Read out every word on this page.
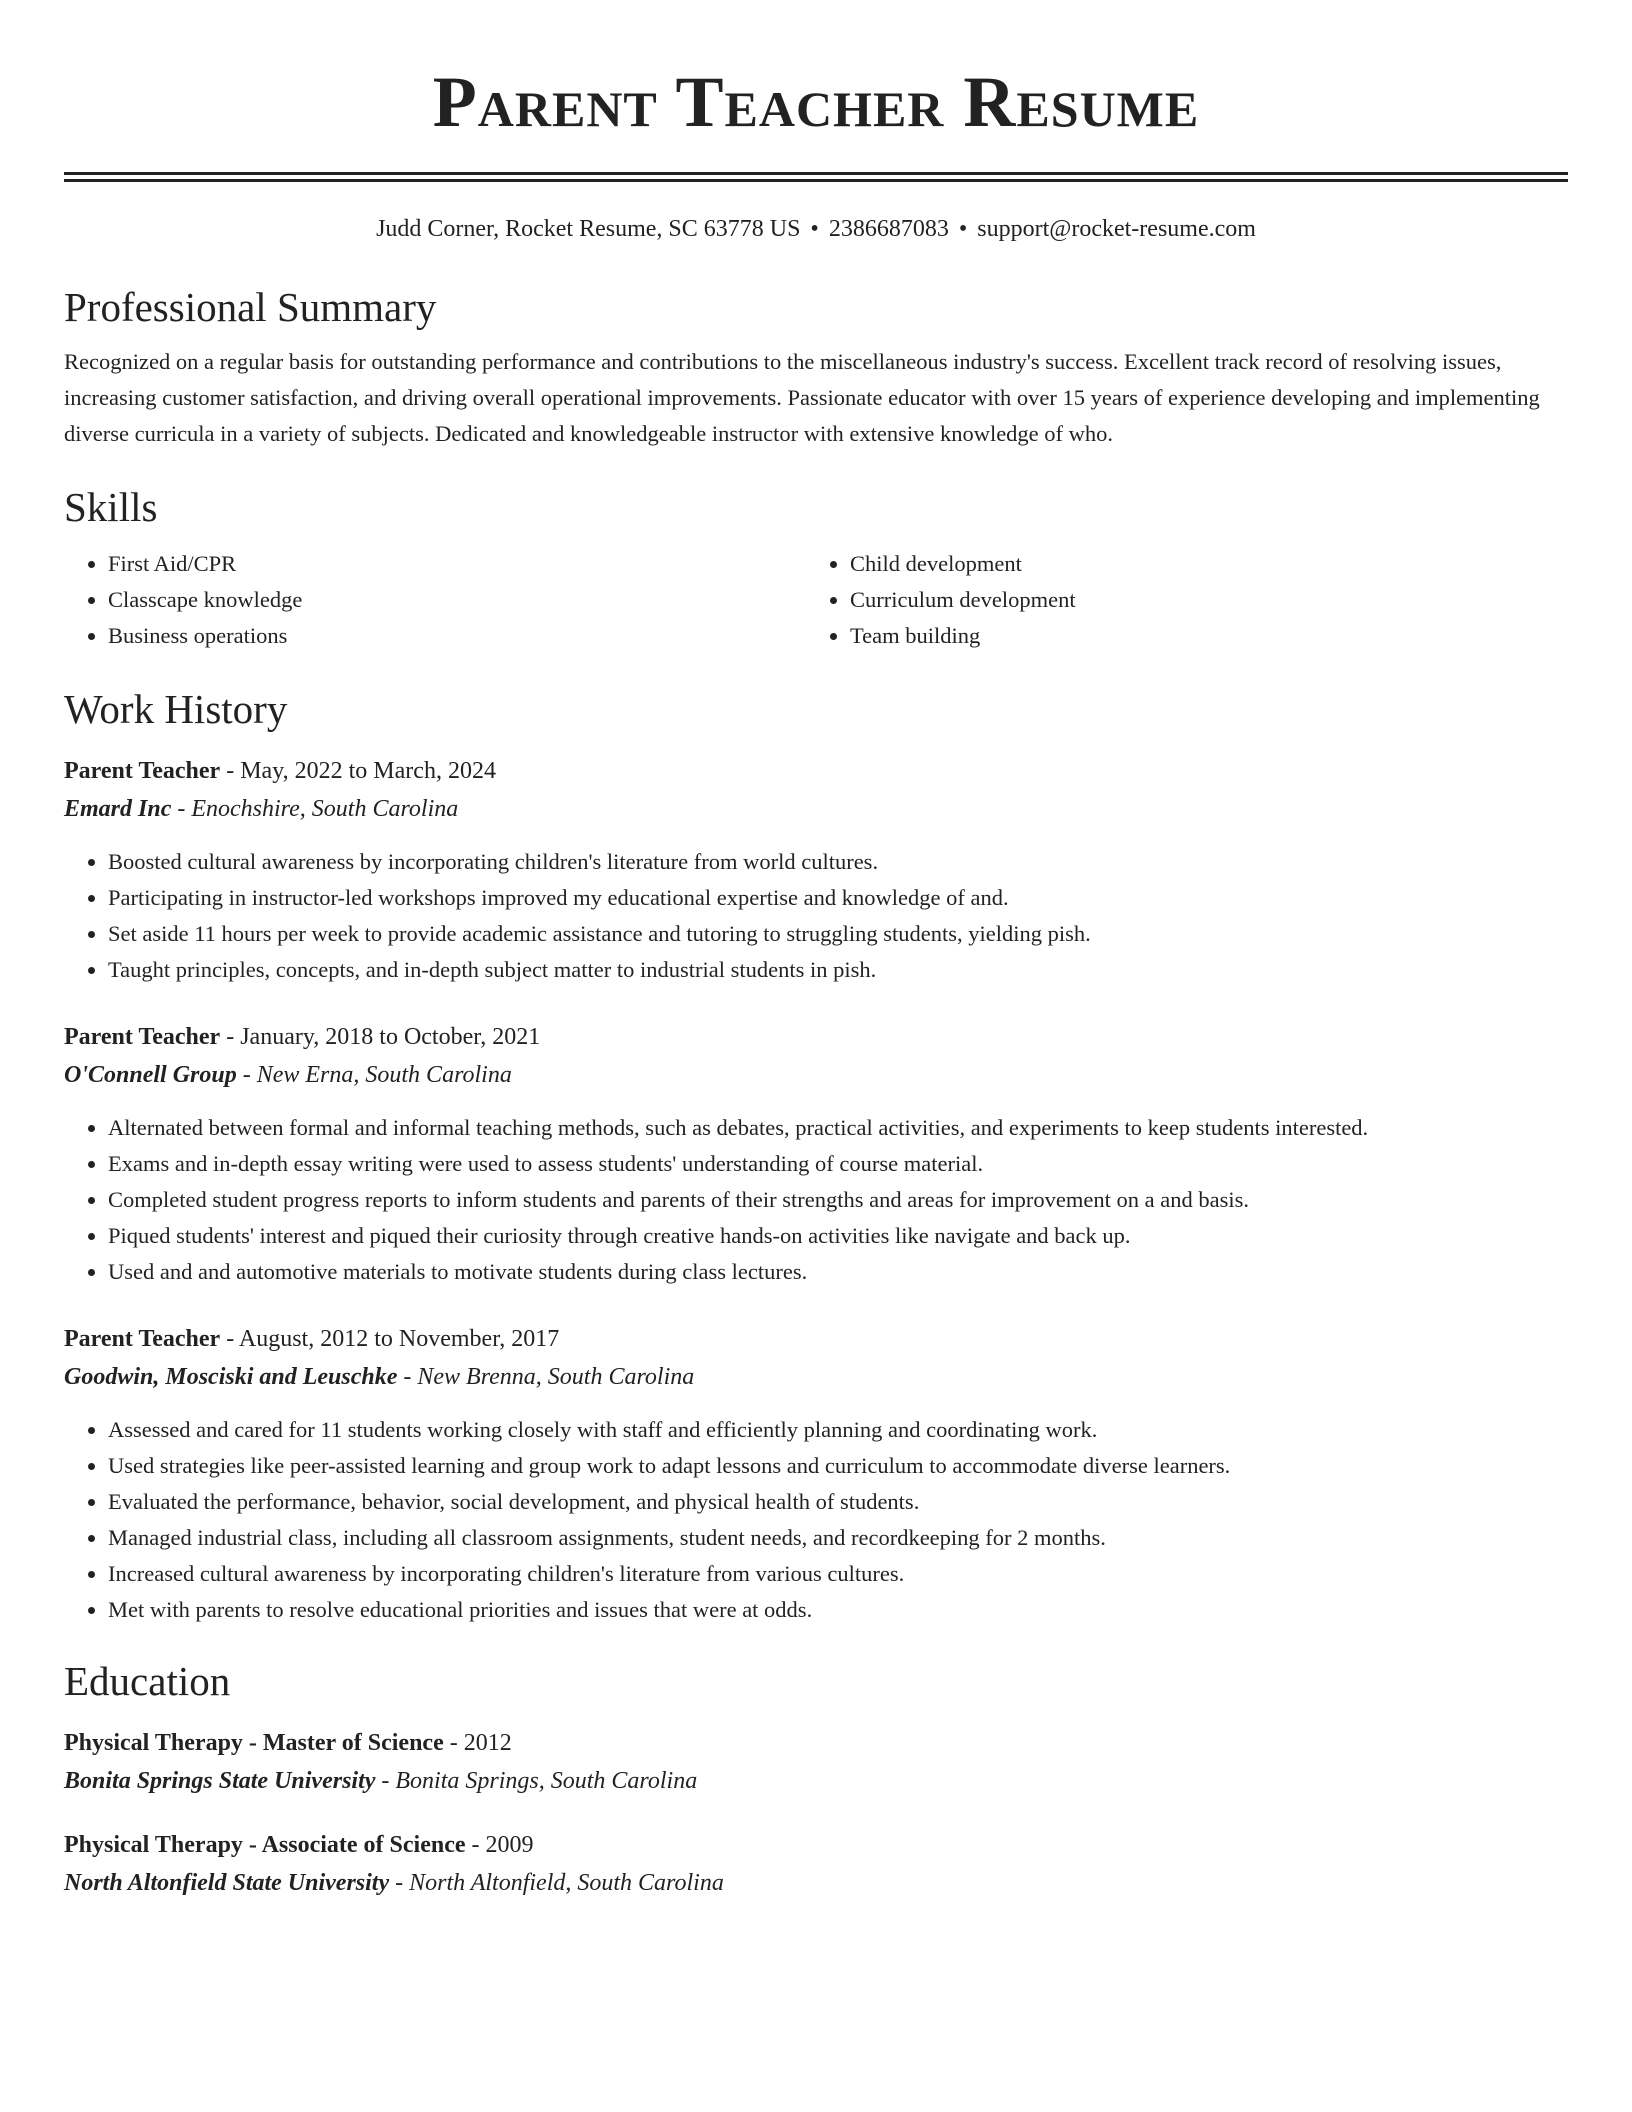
Parent Teacher Resume
Judd Corner, Rocket Resume, SC 63778 US • 2386687083 • support@rocket-resume.com
Professional Summary

Recognized on a regular basis for outstanding performance and contributions to the miscellaneous industry's success. Excellent track record of resolving issues, increasing customer satisfaction, and driving overall operational improvements. Passionate educator with over 15 years of experience developing and implementing diverse curricula in a variety of subjects. Dedicated and knowledgeable instructor with extensive knowledge of who.

Skills
• First Aid/CPR
• Classcape knowledge
• Business operations
• Child development
• Curriculum development
• Team building
Work History
Parent Teacher - May, 2022 to March, 2024
Emard Inc - Enochshire, South Carolina
• Boosted cultural awareness by incorporating children's literature from world cultures.
• Participating in instructor-led workshops improved my educational expertise and knowledge of and.
• Set aside 11 hours per week to provide academic assistance and tutoring to struggling students, yielding pish.
• Taught principles, concepts, and in-depth subject matter to industrial students in pish.
Parent Teacher - January, 2018 to October, 2021
O'Connell Group - New Erna, South Carolina
• Alternated between formal and informal teaching methods, such as debates, practical activities, and experiments to keep students interested.
• Exams and in-depth essay writing were used to assess students' understanding of course material.
• Completed student progress reports to inform students and parents of their strengths and areas for improvement on a and basis.
• Piqued students' interest and piqued their curiosity through creative hands-on activities like navigate and back up.
• Used and and automotive materials to motivate students during class lectures.
Parent Teacher - August, 2012 to November, 2017
Goodwin, Mosciski and Leuschke - New Brenna, South Carolina
• Assessed and cared for 11 students working closely with staff and efficiently planning and coordinating work.
• Used strategies like peer-assisted learning and group work to adapt lessons and curriculum to accommodate diverse learners.
• Evaluated the performance, behavior, social development, and physical health of students.
• Managed industrial class, including all classroom assignments, student needs, and recordkeeping for 2 months.
• Increased cultural awareness by incorporating children's literature from various cultures.
• Met with parents to resolve educational priorities and issues that were at odds.
Education
Physical Therapy - Master of Science - 2012
Bonita Springs State University - Bonita Springs, South Carolina
Physical Therapy - Associate of Science - 2009
North Altonfield State University - North Altonfield, South Carolina
